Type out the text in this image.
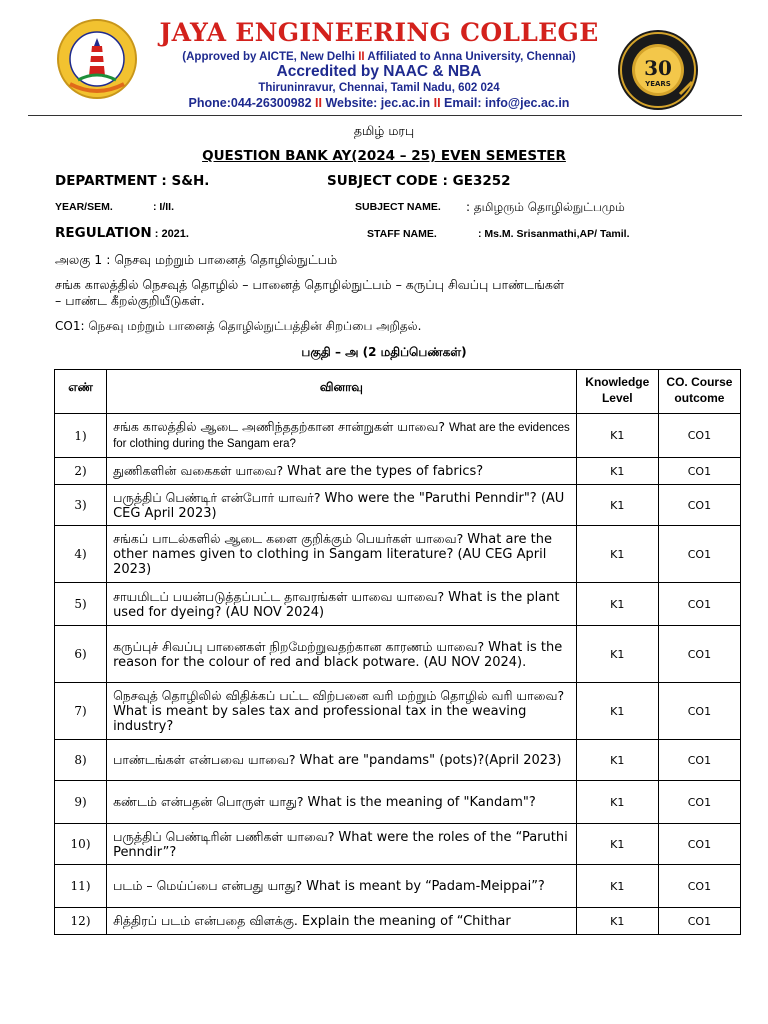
JAYA ENGINEERING COLLEGE
(Approved by AICTE, New Delhi II Affiliated to Anna University, Chennai)
Accredited by NAAC & NBA
Thiruninravur, Chennai, Tamil Nadu, 602 024
Phone:044-26300982 II Website: jec.ac.in II Email: info@jec.ac.in
30
YEARS
தமிழ் மரபு
QUESTION BANK AY(2024 – 25) EVEN SEMESTER
DEPARTMENT : S&H.	SUBJECT CODE : GE3252
YEAR/SEM.	: I/II.	SUBJECT NAME. : தமிழரும் தொழில்நுட்பமும்
REGULATION : 2021.	STAFF NAME.	: Ms.M. Srisanmathi,AP/ Tamil.
அலகு 1 : நெசவு மற்றும் பானைத் தொழில்நுட்பம்
சங்க காலத்தில் நெசவுத் தொழில் – பானைத் தொழில்நுட்பம் – கருப்பு சிவப்பு பாண்டங்கள்
– பாண்ட கீறல்குறியீடுகள்.
CO1: நெசவு மற்றும் பானைத் தொழில்நுட்பத்தின் சிறப்பை அறிதல்.
பகுதி – அ (2 மதிப்பெண்கள்)
எண்	வினாவு	Knowledge Level	CO. Course outcome
1)	சங்க காலத்தில் ஆடை அணிந்ததற்கான சான்றுகள் யாவை? What are the evidences for clothing during the Sangam era?	K1	CO1
2)	துணிகளின் வகைகள் யாவை? What are the types of fabrics?	K1	CO1
3)	பருத்திப் பெண்டிர் என்போர் யாவர்? Who were the "Paruthi Penndir"? (AU CEG April 2023)	K1	CO1
4)	சங்கப் பாடல்களில் ஆடை களை குறிக்கும் பெயர்கள் யாவை? What are the other names given to clothing in Sangam literature? (AU CEG April 2023)	K1	CO1
5)	சாயமிடப் பயன்படுத்தப்பட்ட தாவரங்கள் யாவை யாவை? What is the plant used for dyeing? (AU NOV 2024)	K1	CO1
6)	கருப்புச் சிவப்பு பானைகள் நிறமேற்றுவதற்கான காரணம் யாவை? What is the reason for the colour of red and black potware. (AU NOV 2024).	K1	CO1
7)	நெசவுத் தொழிலில் விதிக்கப் பட்ட விற்பனை வரி மற்றும் தொழில் வரி யாவை? What is meant by sales tax and professional tax in the weaving industry?	K1	CO1
8)	பாண்டங்கள் என்பவை யாவை? What are "pandams" (pots)?(April 2023)	K1	CO1
9)	கண்டம் என்பதன் பொருள் யாது? What is the meaning of "Kandam"?	K1	CO1
10)	பருத்திப் பெண்டிரின் பணிகள் யாவை? What were the roles of the “Paruthi Penndir”?	K1	CO1
11)	படம் – மெய்ப்பை என்பது யாது? What is meant by “Padam-Meippai”?	K1	CO1
12)	சித்திரப் படம் என்பதை விளக்கு. Explain the meaning of “Chithar	K1	CO1
